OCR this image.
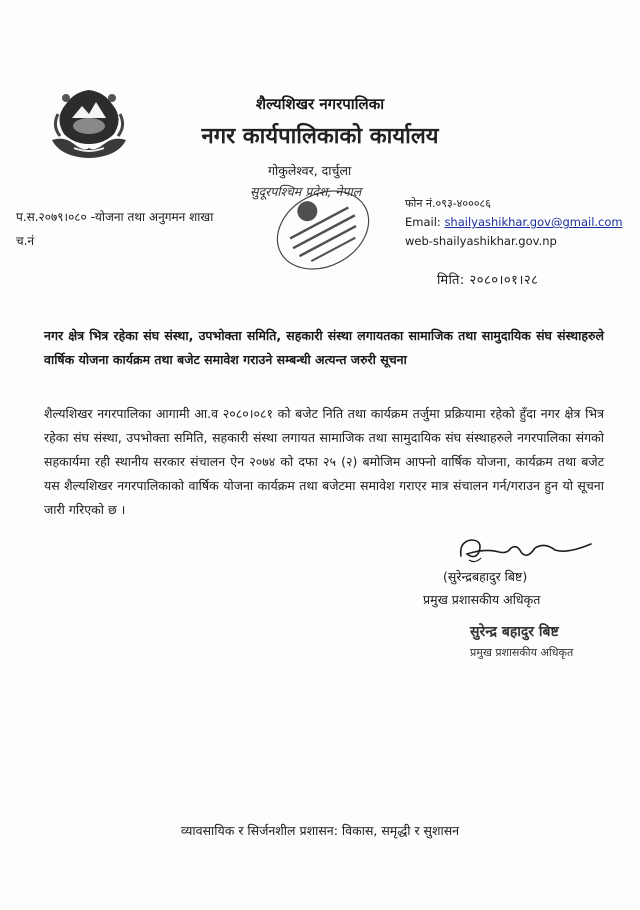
शैल्यशिखर नगरपालिका
नगर कार्यपालिकाको कार्यालय
गोकुलेश्वर, दार्चुला
सुदूरपश्चिम प्रदेश, नेपाल
प.स.२०७९।०८० -योजना तथा अनुगमन शाखा
च.नं
फोन नं.०९३-४०००८६
Email: shailyashikhar.gov@gmail.com
web-shailyashikhar.gov.np
मिति: २०८०।०१।२८
नगर क्षेत्र भित्र रहेका संघ संस्था, उपभोक्ता समिति, सहकारी संस्था लगायतका सामाजिक तथा सामुदायिक संघ संस्थाहरुले वार्षिक योजना कार्यक्रम तथा बजेट समावेश गराउने सम्बन्धी अत्यन्त जरुरी सूचना
शैल्यशिखर नगरपालिका आगामी आ.व २०८०।०८१ को बजेट निति तथा कार्यक्रम तर्जुमा प्रक्रियामा रहेको हुँदा नगर क्षेत्र भित्र रहेका संघ संस्था, उपभोक्ता समिति, सहकारी संस्था लगायत सामाजिक तथा सामुदायिक संघ संस्थाहरुले नगरपालिका संगको सहकार्यमा रही स्थानीय सरकार संचालन ऐन २०७४ को दफा २५ (२) बमोजिम आफ्नो वार्षिक योजना, कार्यक्रम तथा बजेट यस शैल्यशिखर नगरपालिकाको वार्षिक योजना कार्यक्रम तथा बजेटमा समावेश गराएर मात्र संचालन गर्न/गराउन हुन यो सूचना जारी गरिएको छ ।
(सुरेन्द्रबहादुर बिष्ट)
प्रमुख प्रशासकीय अधिकृत
सुरेन्द्र बहादुर बिष्ट
प्रमुख प्रशासकीय अधिकृत
व्यावसायिक र सिर्जनशील प्रशासन: विकास, समृद्धी र सुशासन
